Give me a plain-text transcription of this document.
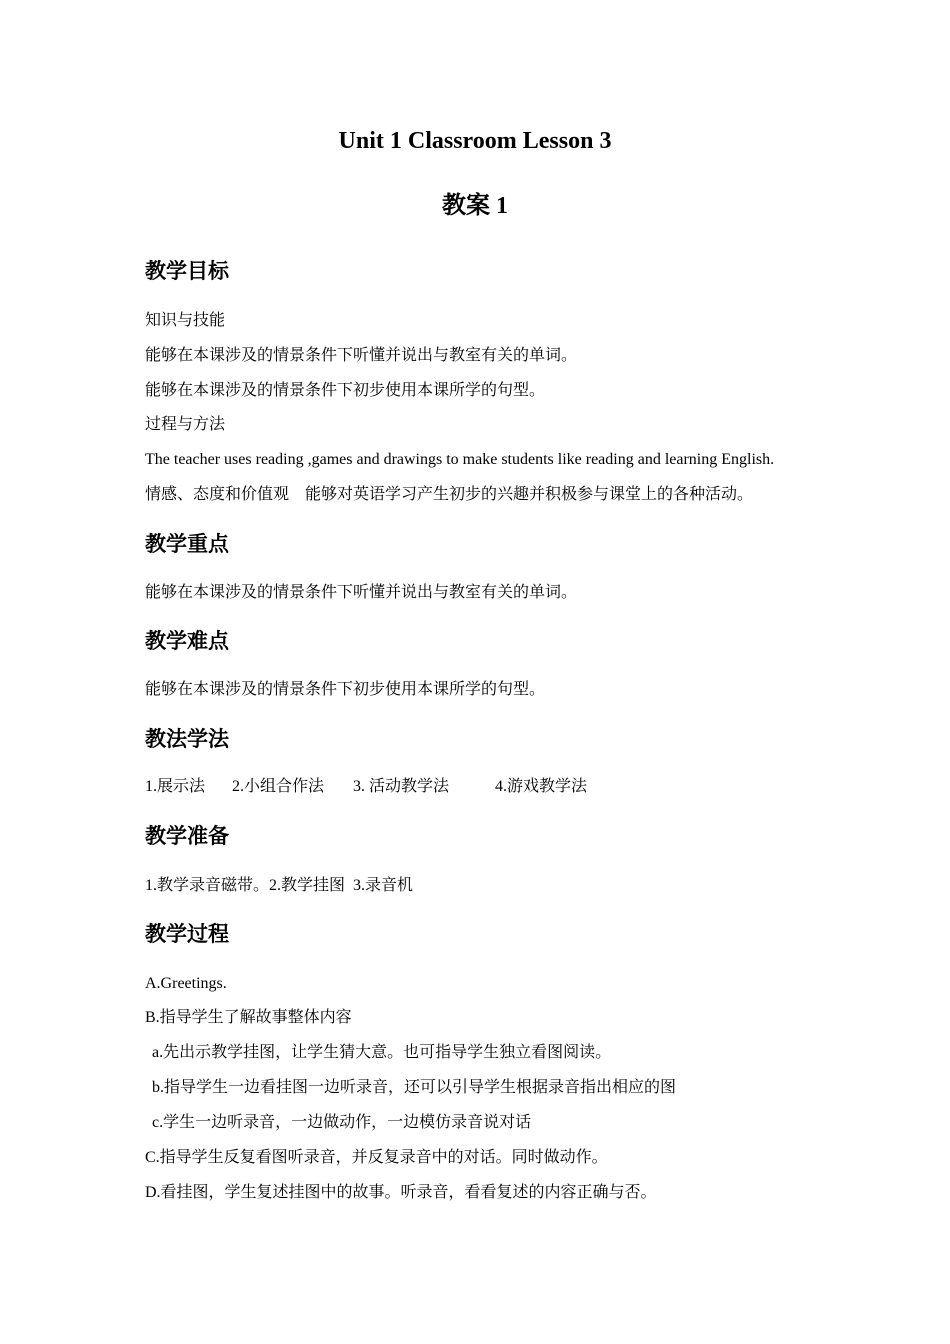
Unit 1 Classroom Lesson 3
教案 1
教学目标

知识与技能

能够在本课涉及的情景条件下听懂并说出与教室有关的单词。

能够在本课涉及的情景条件下初步使用本课所学的句型。

过程与方法

The teacher uses reading ,games and drawings to make students like reading and learning English.

情感、态度和价值观    能够对英语学习产生初步的兴趣并积极参与课堂上的各种活动。

教学重点

能够在本课涉及的情景条件下听懂并说出与教室有关的单词。

教学难点

能够在本课涉及的情景条件下初步使用本课所学的句型。

教法学法

1.展示法 2.小组合作法 3. 活动教学法	4.游戏教学法

教学准备

1.教学录音磁带。2.教学挂图  3.录音机

教学过程

A.Greetings.

B.指导学生了解故事整体内容

a.先出示教学挂图，让学生猜大意。也可指导学生独立看图阅读。

b.指导学生一边看挂图一边听录音，还可以引导学生根据录音指出相应的图

c.学生一边听录音，一边做动作，一边模仿录音说对话

C.指导学生反复看图听录音，并反复录音中的对话。同时做动作。

D.看挂图，学生复述挂图中的故事。听录音，看看复述的内容正确与否。
